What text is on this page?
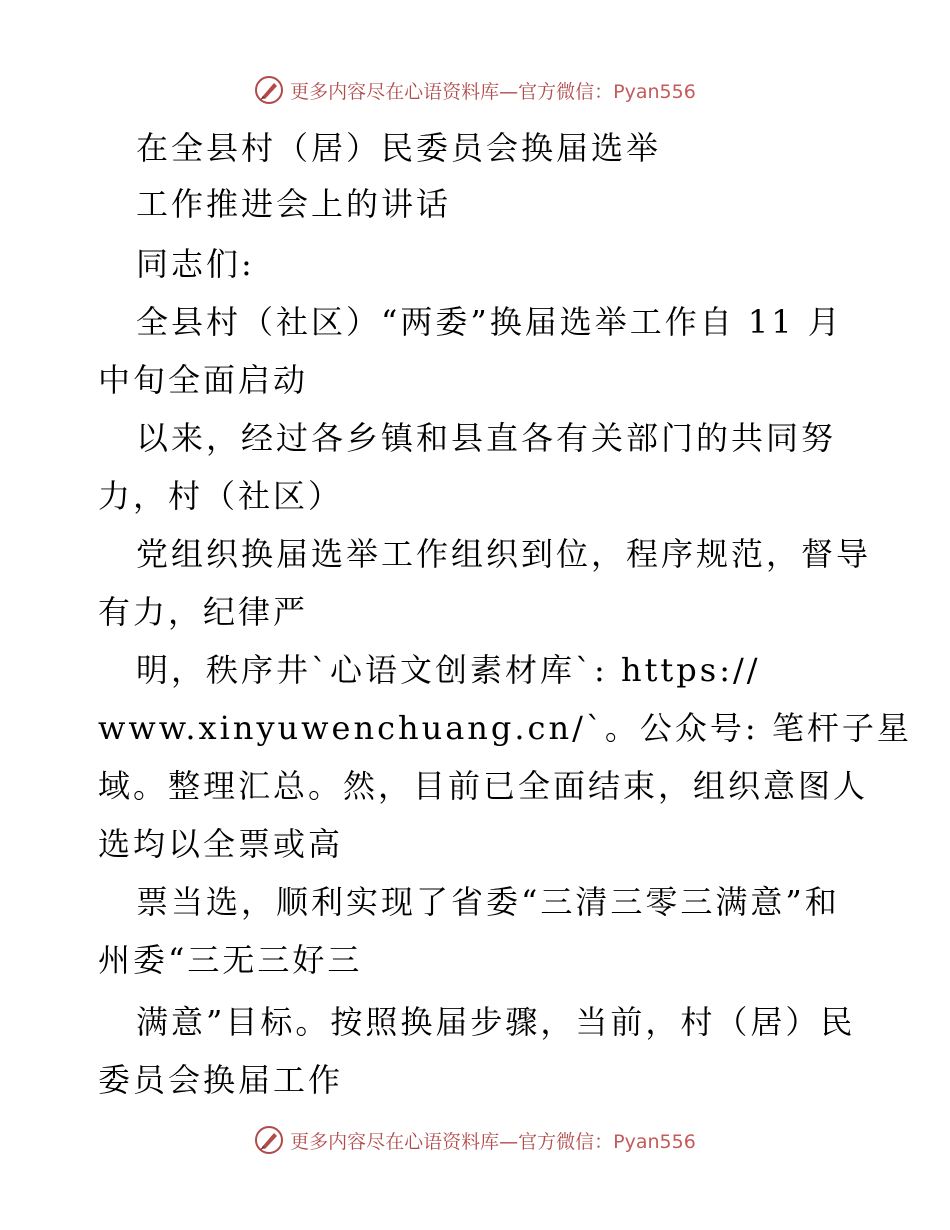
更多内容尽在心语资料库—官方微信：Pyan556
在全县村（居）民委员会换届选举
工作推进会上的讲话
同志们:
全县村（社区）“两委”换届选举工作自 11 月
中旬全面启动
以来，经过各乡镇和县直各有关部门的共同努
力，村（社区）
党组织换届选举工作组织到位，程序规范，督导
有力，纪律严
明，秩序井`心语文创素材库`: https://
www.xinyuwenchuang.cn/`。公众号: 笔杆子星
域。整理汇总。然，目前已全面结束，组织意图人
选均以全票或高
票当选，顺利实现了省委“三清三零三满意”和
州委“三无三好三
满意”目标。按照换届步骤，当前，村（居）民
委员会换届工作
更多内容尽在心语资料库—官方微信：Pyan556
